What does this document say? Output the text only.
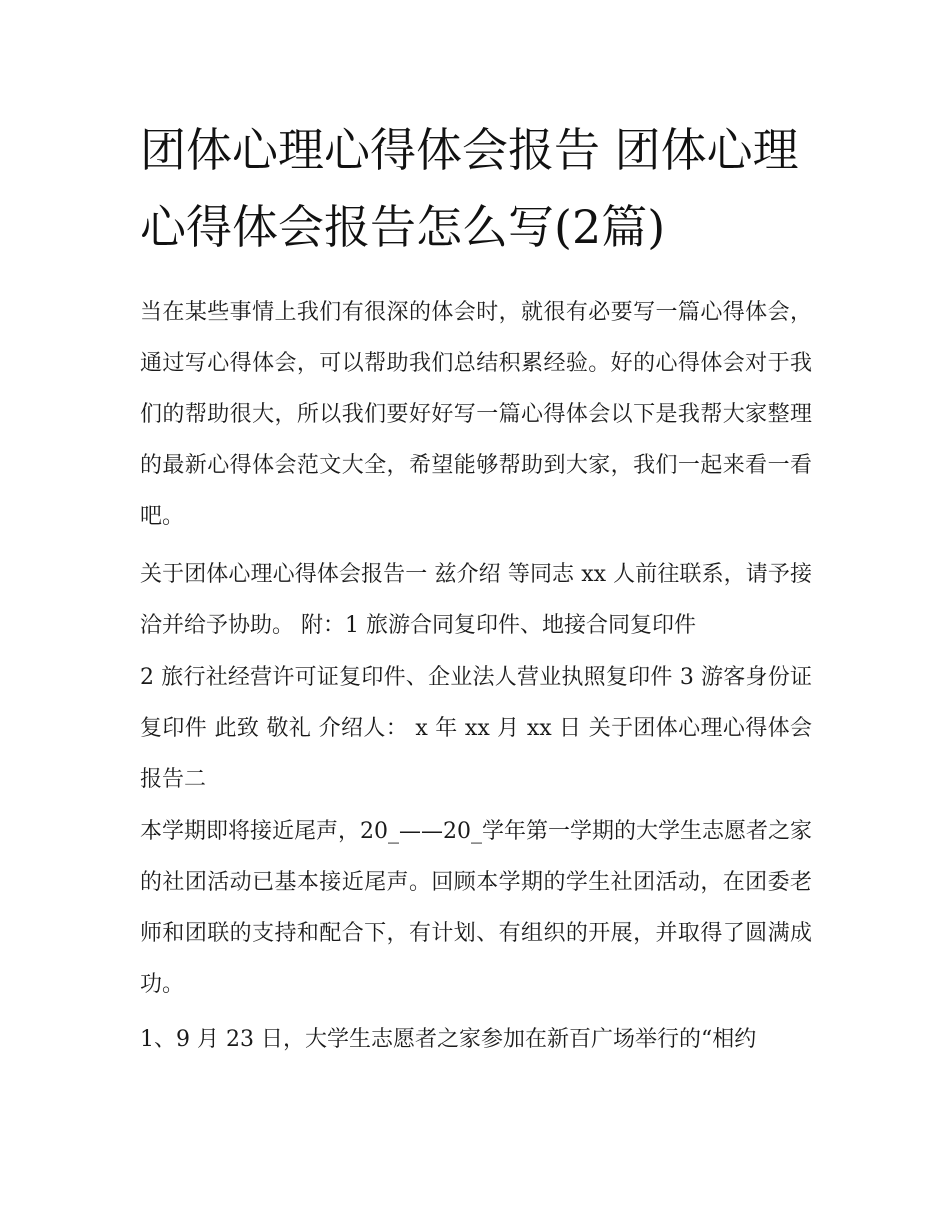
团体心理心得体会报告 团体心理心得体会报告怎么写(2篇)

当在某些事情上我们有很深的体会时，就很有必要写一篇心得体会，通过写心得体会，可以帮助我们总结积累经验。好的心得体会对于我们的帮助很大，所以我们要好好写一篇心得体会以下是我帮大家整理的最新心得体会范文大全，希望能够帮助到大家，我们一起来看一看吧。

关于团体心理心得体会报告一 兹介绍 等同志 xx 人前往联系，请予接洽并给予协助。 附：1 旅游合同复印件、地接合同复印件

2 旅行社经营许可证复印件、企业法人营业执照复印件 3 游客身份证复印件 此致 敬礼 介绍人： x 年 xx 月 xx 日 关于团体心理心得体会报告二

本学期即将接近尾声，20_——20_学年第一学期的大学生志愿者之家的社团活动已基本接近尾声。回顾本学期的学生社团活动，在团委老师和团联的支持和配合下，有计划、有组织的开展，并取得了圆满成功。

1、9 月 23 日，大学生志愿者之家参加在新百广场举行的“相约
